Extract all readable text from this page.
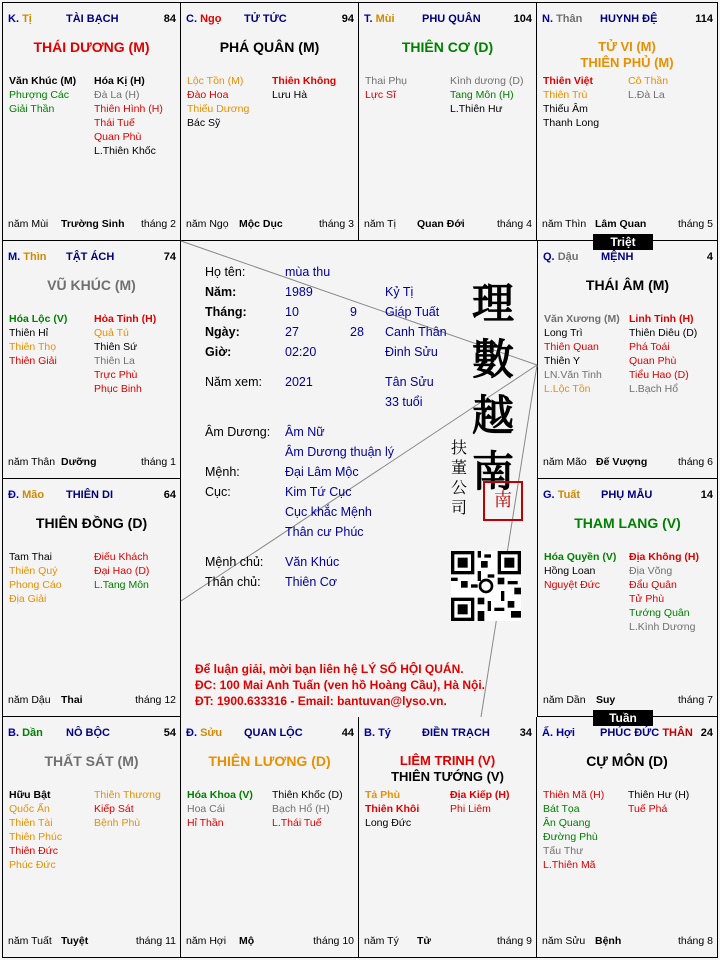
K. Tị	TÀI BẠCH	84
THÁI DƯƠNG (M)
Văn Khúc (M)
Phượng Các
Giải Thần
Hóa Kị (H)
Đà La (H)
Thiên Hình (H)
Thái Tuế
Quan Phù
L.Thiên Khốc
năm Mùi Trường Sinh tháng 2
C. Ngọ TỬ TỨC	94
PHÁ QUÂN (M)
Lộc Tồn (M)
Đào Hoa
Thiếu Dương
Bác Sỹ
Thiên Không
Lưu Hà
năm Ngọ Mộc Dục	tháng 3
T. Mùi PHU QUÂN	104
THIÊN CƠ (D)
Thai Phụ
Lực Sĩ
Kình dương (D)
Tang Môn (H)
L.Thiên Hư
năm Tị Quan Đới	tháng 4
N. Thân HUYNH ĐỆ	114
TỬ VI (M)
THIÊN PHỦ (M)
Thiên Việt
Thiên Trù
Thiếu Âm
Thanh Long
Cô Thần
L.Đà La
năm Thìn Lâm Quan	tháng 5
M. Thìn TẬT ÁCH	74
VŨ KHÚC (M)
Hóa Lộc (V)
Thiên Hỉ
Thiên Thọ
Thiên Giải
Hỏa Tinh (H)
Quả Tú
Thiên Sứ
Thiên La
Trực Phù
Phục Binh
năm Thân Dưỡng	tháng 1
Q. Dậu MỆNH	4
THÁI ÂM (M)
Văn Xương (M)
Long Trì
Thiên Quan
Thiên Y
LN.Văn Tinh
L.Lộc Tồn
Linh Tinh (H)
Thiên Diêu (D)
Phá Toái
Quan Phù
Tiểu Hao (D)
L.Bạch Hổ
năm Mão Đế Vượng	tháng 6
Đ. Mão THIÊN DI	64
THIÊN ĐỒNG (D)
Tam Thai
Thiên Quý
Phong Cáo
Địa Giải
Điếu Khách
Đại Hao (D)
L.Tang Môn
năm Dậu Thai	tháng 12
G. Tuất PHỤ MẪU	14
THAM LANG (V)
Hóa Quyền (V)
Hồng Loan
Nguyệt Đức
Địa Không (H)
Địa Võng
Đẩu Quân
Tử Phù
Tướng Quân
L.Kình Dương
năm Dần Suy	tháng 7
B. Dần NÔ BỘC	54
THẤT SÁT (M)
Hữu Bật
Quốc Ấn
Thiên Tài
Thiên Phúc
Thiên Đức
Phúc Đức
Thiên Thương
Kiếp Sát
Bệnh Phù
năm Tuất Tuyệt	tháng 11
Đ. Sửu QUAN LỘC	44
THIÊN LƯƠNG (D)
Hóa Khoa (V)
Hoa Cái
Hỉ Thần
Thiên Khốc (D)
Bạch Hổ (H)
L.Thái Tuế
năm Hợi Mộ	tháng 10
B. Tý	ĐIỀN TRẠCH	34
LIÊM TRINH (V)
THIÊN TƯỚNG (V)
Tả Phù
Thiên Khôi
Long Đức
Địa Kiếp (H)
Phi Liêm
năm Tý Tử	tháng 9
Ấ. Hợi PHÚC ĐỨC THÂN 24
CỰ MÔN (D)
Thiên Mã (H)
Bát Tọa
Ân Quang
Đường Phù
Tấu Thư
L.Thiên Mã
Thiên Hư (H)
Tuế Phá
năm Sửu Bệnh	tháng 8
Triệt
Tuần
Họ tên:	mùa thu
Năm:	1989	Kỷ Tị
Tháng:	10	9 Giáp Tuất
Ngày:	27	28 Canh Thân
Giờ:	02:20	Đinh Sửu
Năm xem: 2021	Tân Sửu
33 tuổi
Âm Dương: Âm Nữ
Âm Dương thuận lý
Mệnh:	Đại Lâm Mộc
Cục:	Kim Tứ Cục
Cục khắc Mệnh
Thân cư Phúc
Mệnh chủ: Văn Khúc
Thân chủ: Thiên Cơ
理數越南
扶董公司	南
Để luận giải, mời bạn liên hệ LÝ SỐ HỘI QUÁN.
ĐC: 100 Mai Anh Tuấn (ven hồ Hoàng Cầu), Hà Nội.
ĐT: 1900.633316 - Email: bantuvan@lyso.vn.
